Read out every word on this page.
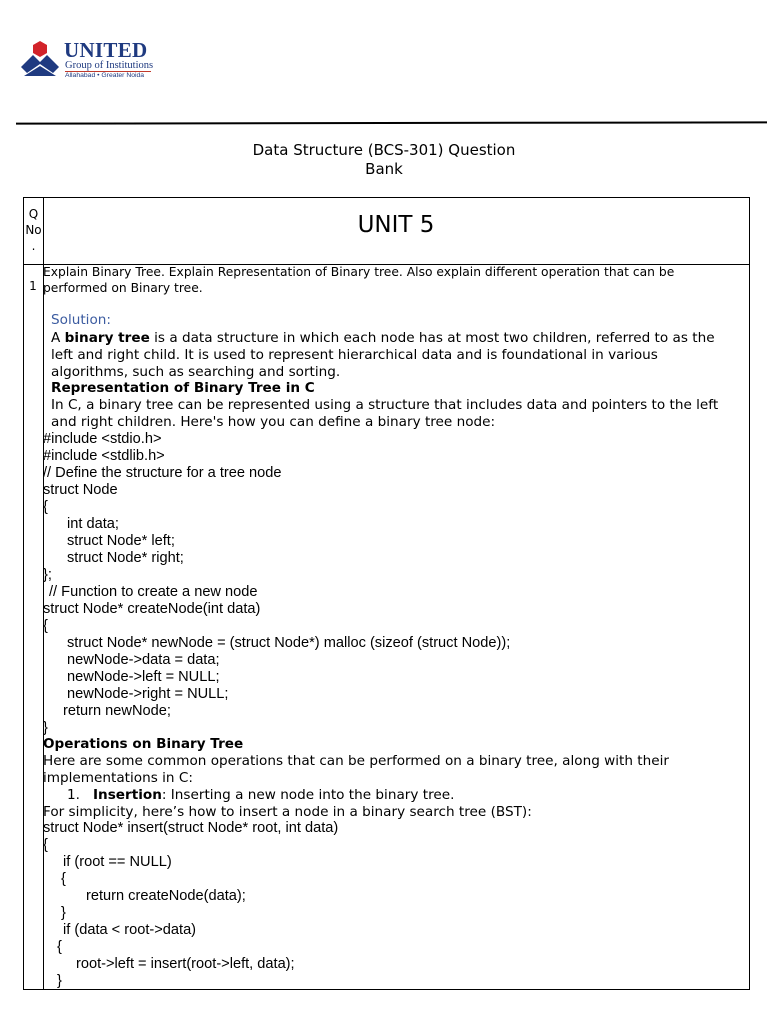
UNITED
Group of Institutions
Allahabad • Greater Noida
Data Structure (BCS-301) Question
Bank
Q
No
.
UNIT 5
1
Explain Binary Tree. Explain Representation of Binary tree. Also explain different operation that can be
performed on Binary tree.
Solution:
A binary tree is a data structure in which each node has at most two children, referred to as the
left and right child. It is used to represent hierarchical data and is foundational in various
algorithms, such as searching and sorting.
Representation of Binary Tree in C
In C, a binary tree can be represented using a structure that includes data and pointers to the left
and right children. Here's how you can define a binary tree node:
#include <stdio.h>
#include <stdlib.h>
// Define the structure for a tree node
struct Node
{
int data;
struct Node* left;
struct Node* right;
};
// Function to create a new node
struct Node* createNode(int data)
{
struct Node* newNode = (struct Node*) malloc (sizeof (struct Node));
newNode->data = data;
newNode->left = NULL;
newNode->right = NULL;
return newNode;
}
Operations on Binary Tree
Here are some common operations that can be performed on a binary tree, along with their
implementations in C:
1. Insertion: Inserting a new node into the binary tree.
For simplicity, here’s how to insert a node in a binary search tree (BST):
struct Node* insert(struct Node* root, int data)
{
if (root == NULL)
{
return createNode(data);
}
if (data < root->data)
{
root->left = insert(root->left, data);
}
